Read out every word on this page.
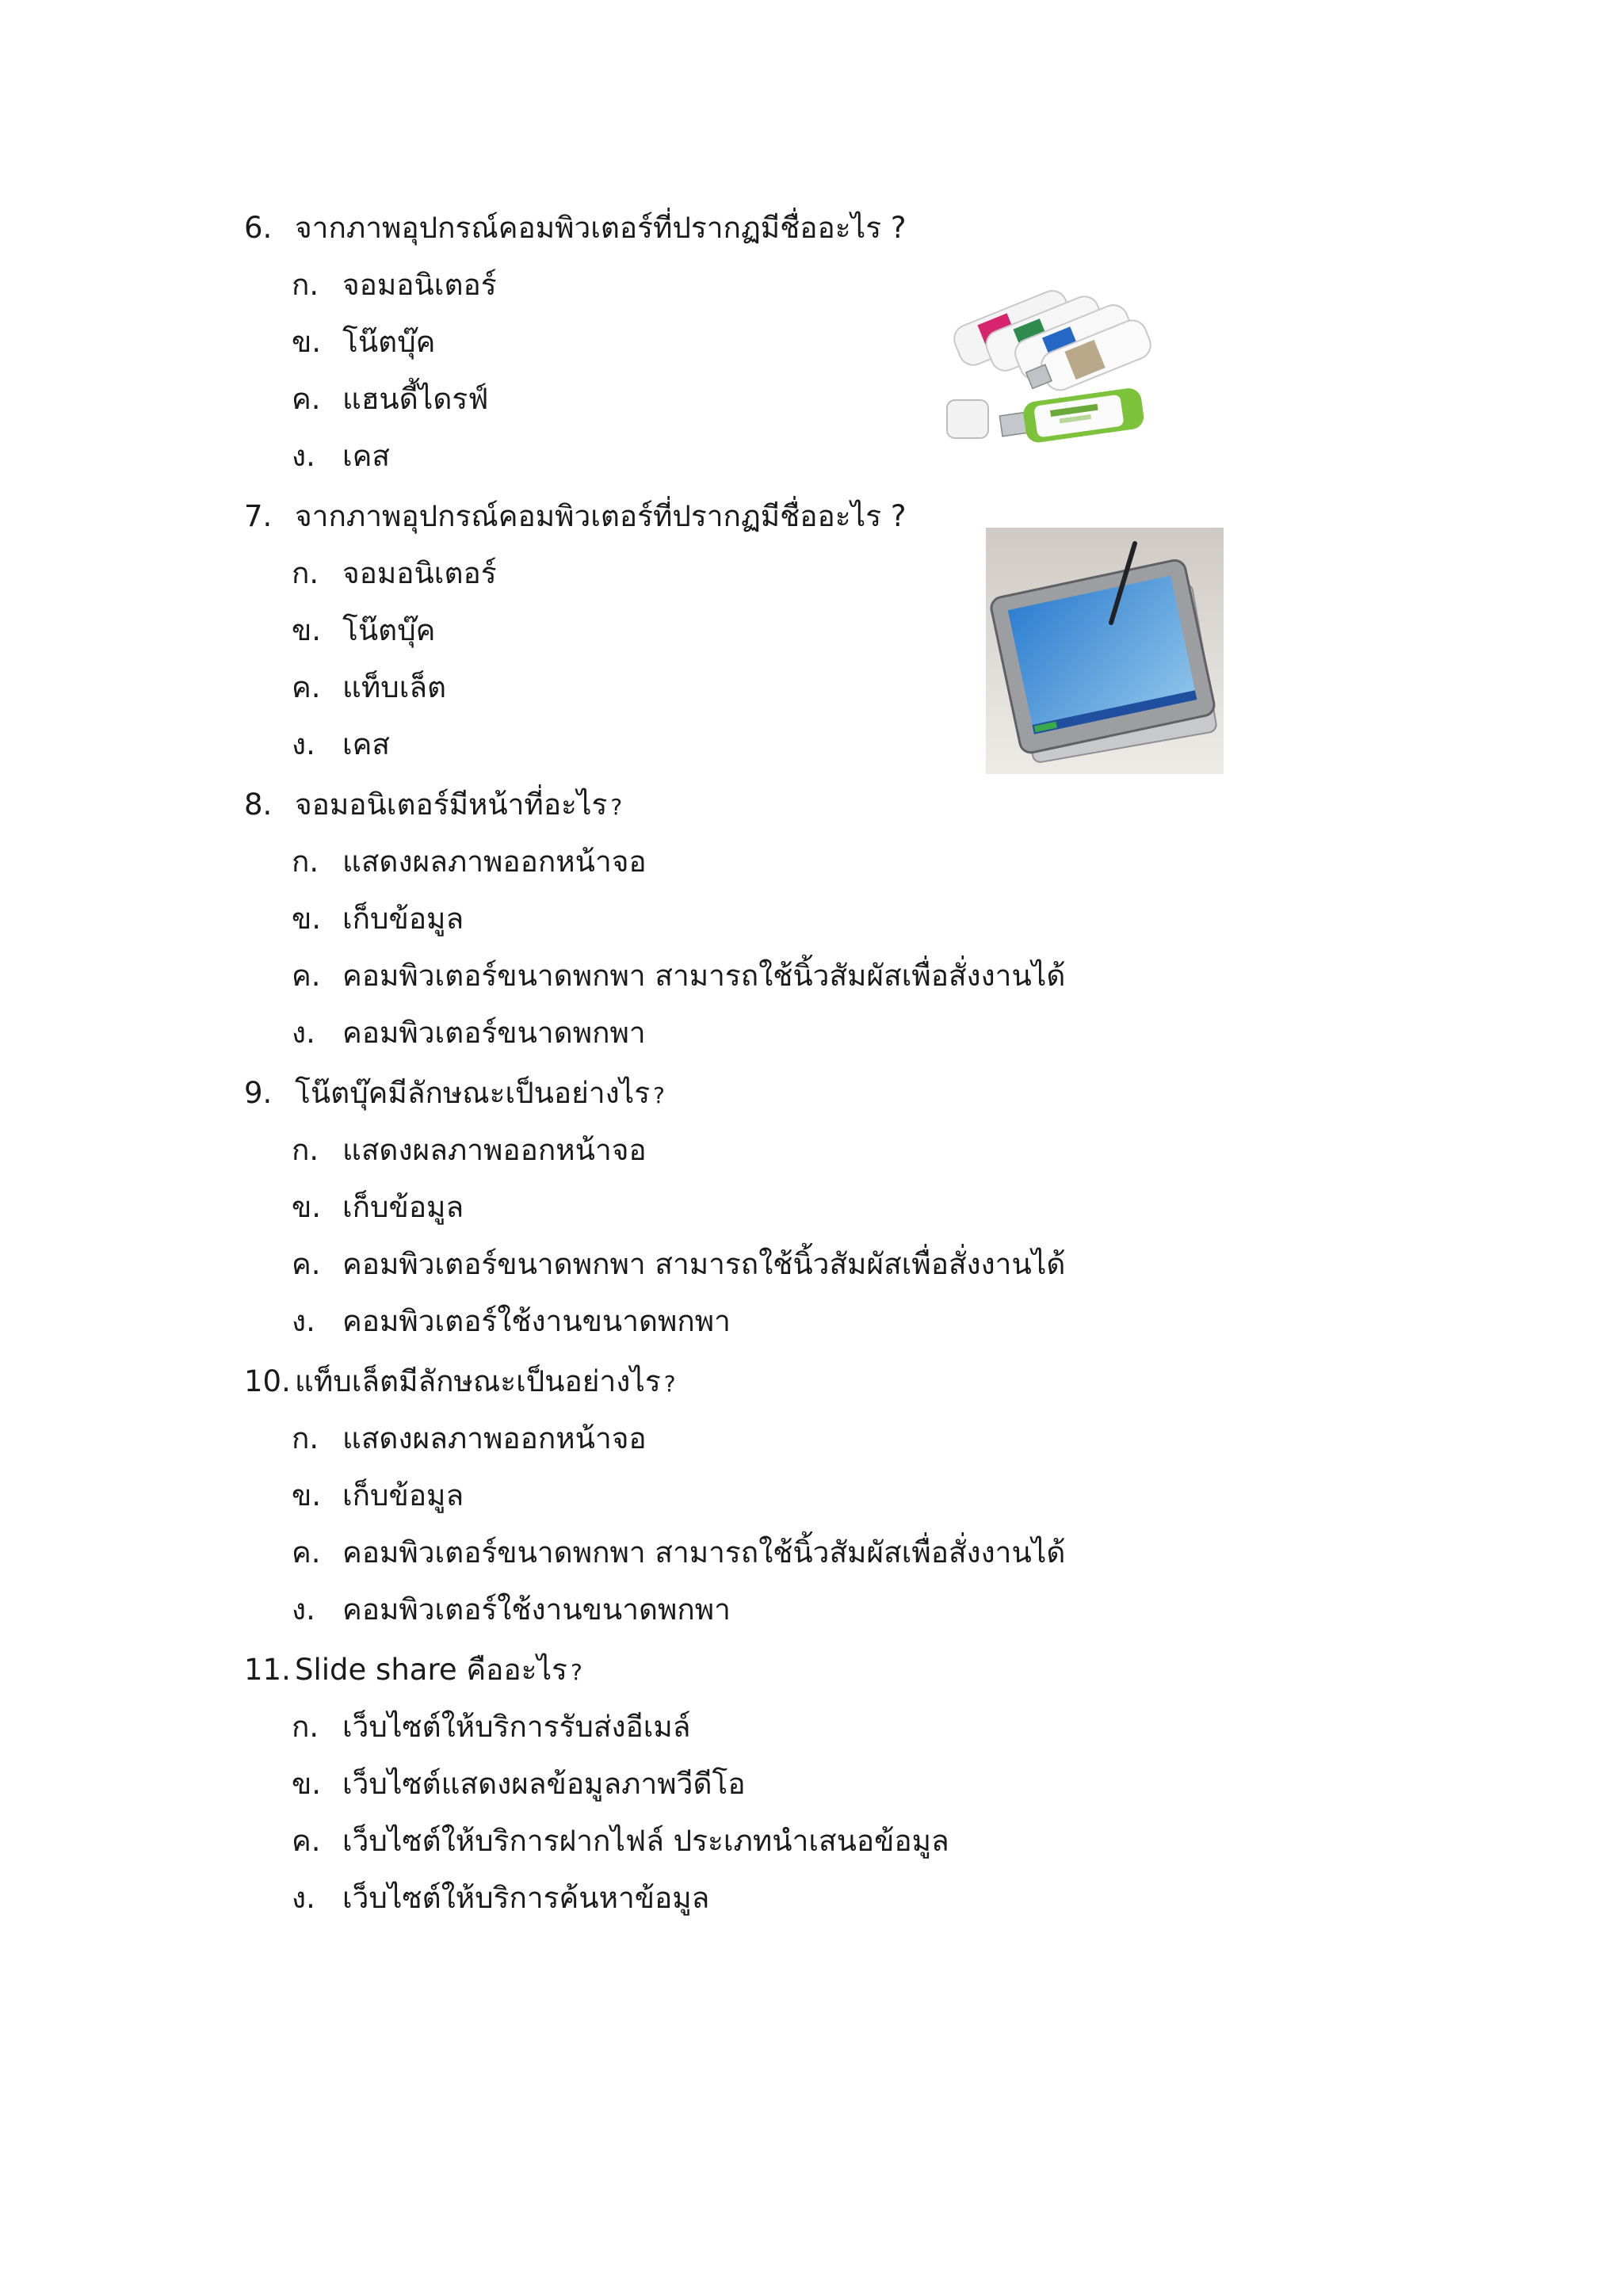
6. จากภาพอุปกรณ์คอมพิวเตอร์ที่ปรากฏมีชื่ออะไร ?
ก. จอมอนิเตอร์
ข. โน๊ตบุ๊ค
ค. แฮนดี้ไดรฟ์
ง. เคส
7. จากภาพอุปกรณ์คอมพิวเตอร์ที่ปรากฏมีชื่ออะไร ?
ก. จอมอนิเตอร์
ข. โน๊ตบุ๊ค
ค. แท็บเล็ต
ง. เคส
8. จอมอนิเตอร์มีหน้าที่อะไร ?
ก. แสดงผลภาพออกหน้าจอ
ข. เก็บข้อมูล
ค. คอมพิวเตอร์ขนาดพกพา สามารถใช้นิ้วสัมผัสเพื่อสั่งงานได้
ง. คอมพิวเตอร์ขนาดพกพา
9. โน๊ตบุ๊คมีลักษณะเป็นอย่างไร ?
ก. แสดงผลภาพออกหน้าจอ
ข. เก็บข้อมูล
ค. คอมพิวเตอร์ขนาดพกพา สามารถใช้นิ้วสัมผัสเพื่อสั่งงานได้
ง. คอมพิวเตอร์ใช้งานขนาดพกพา
10. แท็บเล็ตมีลักษณะเป็นอย่างไร ?
ก. แสดงผลภาพออกหน้าจอ
ข. เก็บข้อมูล
ค. คอมพิวเตอร์ขนาดพกพา สามารถใช้นิ้วสัมผัสเพื่อสั่งงานได้
ง. คอมพิวเตอร์ใช้งานขนาดพกพา
11. Slide share คืออะไร ?
ก. เว็บไซต์ให้บริการรับส่งอีเมล์
ข. เว็บไซต์แสดงผลข้อมูลภาพวีดีโอ
ค. เว็บไซต์ให้บริการฝากไฟล์ ประเภทนำเสนอข้อมูล
ง. เว็บไซต์ให้บริการค้นหาข้อมูล
